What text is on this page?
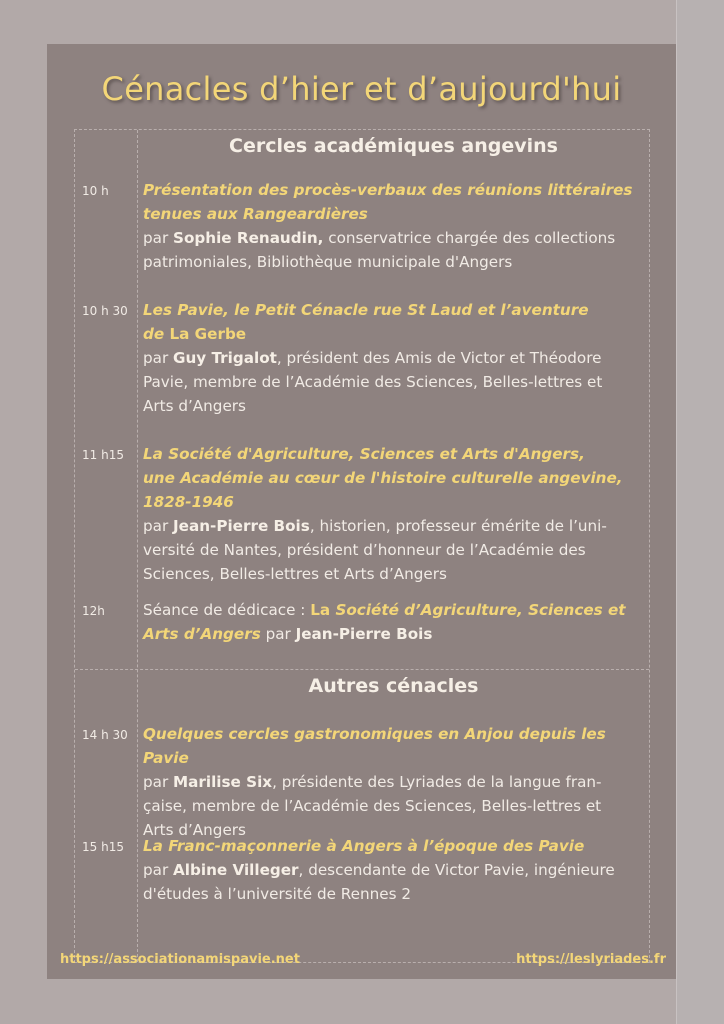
Cénacles d’hier et d’aujourd'hui
Cercles académiques angevins
10 h Présentation des procès-verbaux des réunions littéraires
tenues aux Rangeardières
par Sophie Renaudin, conservatrice chargée des collections
patrimoniales, Bibliothèque municipale d'Angers
10 h 30 Les Pavie, le Petit Cénacle rue St Laud et l’aventure
de La Gerbe
par Guy Trigalot, président des Amis de Victor et Théodore
Pavie, membre de l’Académie des Sciences, Belles-lettres et
Arts d’Angers
11 h15 La Société d'Agriculture, Sciences et Arts d'Angers,
une Académie au cœur de l'histoire culturelle angevine,
1828-1946
par Jean-Pierre Bois, historien, professeur émérite de l’uni-
versité de Nantes, président d’honneur de l’Académie des
Sciences, Belles-lettres et Arts d’Angers
12h	Séance de dédicace : La Société d’Agriculture, Sciences et
Arts d’Angers par Jean-Pierre Bois
Autres cénacles
14 h 30 Quelques cercles gastronomiques en Anjou depuis les Pavie
par Marilise Six, présidente des Lyriades de la langue fran-
çaise, membre de l’Académie des Sciences, Belles-lettres et
Arts d’Angers
15 h15 La Franc-maçonnerie à Angers à l’époque des Pavie
par Albine Villeger, descendante de Victor Pavie, ingénieure
d'études à l’université de Rennes 2
https://associationamispavie.net	https://leslyriades.fr
